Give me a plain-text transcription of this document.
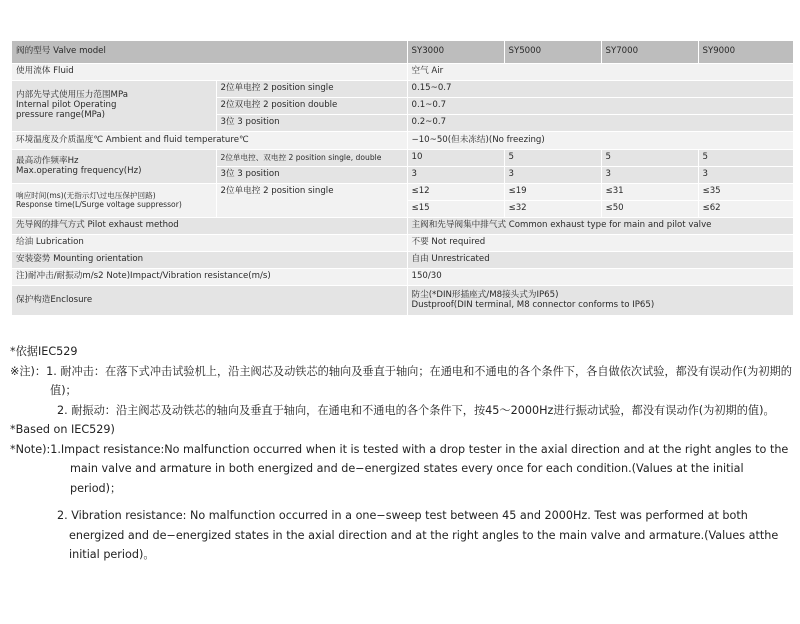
阀的型号 Valve model		SY3000	SY5000	SY7000	SY9000
使用流体 Fluid		空气 Air			
内部先导式使用压力范围MPa
Internal pilot Operating
pressure range(MPa)	2位单电控 2 position single	0.15~0.7			
	2位双电控 2 position double	0.1~0.7			
	3位 3 position	0.2~0.7			
环境温度及介质温度℃ Ambient and fluid temperature℃		−10~50(但未冻结)(No freezing)			
最高动作频率Hz
Max.operating frequency(Hz)	2位单电控、双电控 2 position single, double	10	5	5	5
	3位 3 position	3	3	3	3
响应时间(ms)(无指示灯\过电压保护回路)
Response time(L/Surge voltage suppressor)	2位单电控 2 position single	≤12	≤19	≤31	≤35
		≤15	≤32	≤50	≤62
先导阀的排气方式 Pilot exhaust method		主阀和先导阀集中排气式 Common exhaust type for main and pilot valve			
给油 Lubrication		不要 Not required			
安装姿势 Mounting orientation		自由 Unrestricated			
注)耐冲击/耐振动m/s2 Note)Impact/Vibration resistance(m/s)		150/30			
保护构造Enclosure		防尘(*DIN形插座式/M8接头式为IP65)
Dustproof(DIN terminal, M8 connector conforms to IP65)			

*依据IEC529

※注)：1. 耐冲击：在落下式冲击试验机上，沿主阀芯及动铁芯的轴向及垂直于轴向；在通电和不通电的各个条件下，各自做依次试验，都没有误动作(为初期的值)；

2. 耐振动：沿主阀芯及动铁芯的轴向及垂直于轴向，在通电和不通电的各个条件下，按45～2000Hz进行振动试验，都没有误动作(为初期的值)。

*Based on IEC529)

*Note):1.Impact resistance:No malfunction occurred when it is tested with a drop tester in the axial direction and at the right angles to the main valve and armature in both energized and de−energized states every once for each condition.(Values at the initial period)；

2. Vibration resistance: No malfunction occurred in a one−sweep test between 45 and 2000Hz. Test was performed at both energized and de−energized states in the axial direction and at the right angles to the main valve and armature.(Values atthe initial period)。
